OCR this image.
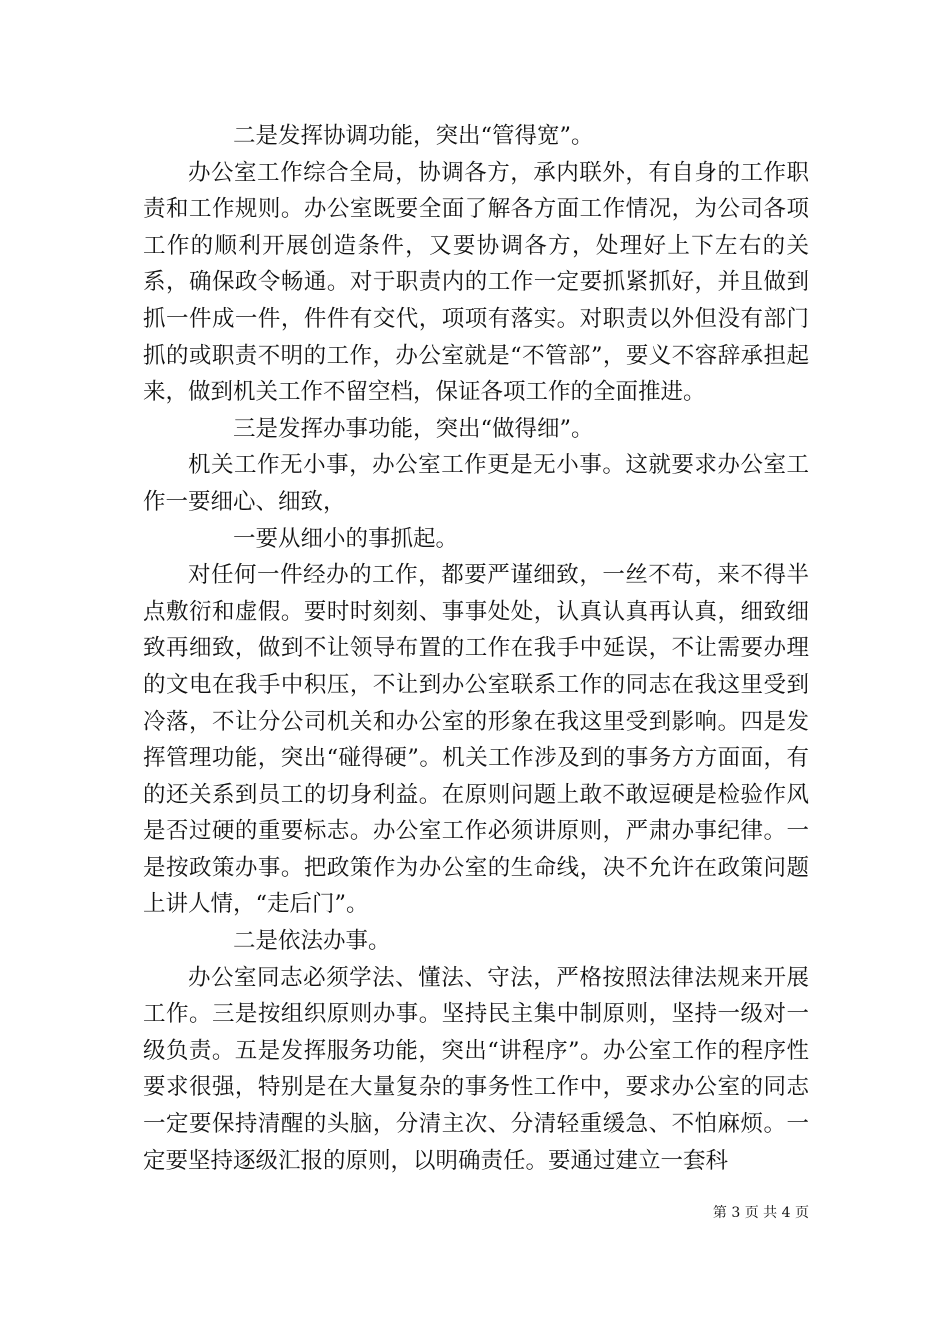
二是发挥协调功能，突出“管得宽”。

办公室工作综合全局，协调各方，承内联外，有自身的工作职责和工作规则。办公室既要全面了解各方面工作情况，为公司各项工作的顺利开展创造条件，又要协调各方，处理好上下左右的关系，确保政令畅通。对于职责内的工作一定要抓紧抓好，并且做到抓一件成一件，件件有交代，项项有落实。对职责以外但没有部门抓的或职责不明的工作，办公室就是“不管部”，要义不容辞承担起来，做到机关工作不留空档，保证各项工作的全面推进。

三是发挥办事功能，突出“做得细”。

机关工作无小事，办公室工作更是无小事。这就要求办公室工作一要细心、细致，

一要从细小的事抓起。

对任何一件经办的工作，都要严谨细致，一丝不苟，来不得半点敷衍和虚假。要时时刻刻、事事处处，认真认真再认真，细致细致再细致，做到不让领导布置的工作在我手中延误，不让需要办理的文电在我手中积压，不让到办公室联系工作的同志在我这里受到冷落，不让分公司机关和办公室的形象在我这里受到影响。四是发挥管理功能，突出“碰得硬”。机关工作涉及到的事务方方面面，有的还关系到员工的切身利益。在原则问题上敢不敢逗硬是检验作风是否过硬的重要标志。办公室工作必须讲原则，严肃办事纪律。一是按政策办事。把政策作为办公室的生命线，决不允许在政策问题上讲人情，“走后门”。

二是依法办事。

办公室同志必须学法、懂法、守法，严格按照法律法规来开展工作。三是按组织原则办事。坚持民主集中制原则，坚持一级对一级负责。五是发挥服务功能，突出“讲程序”。办公室工作的程序性要求很强，特别是在大量复杂的事务性工作中，要求办公室的同志一定要保持清醒的头脑，分清主次、分清轻重缓急、不怕麻烦。一定要坚持逐级汇报的原则，以明确责任。要通过建立一套科

第 3 页 共 4 页
